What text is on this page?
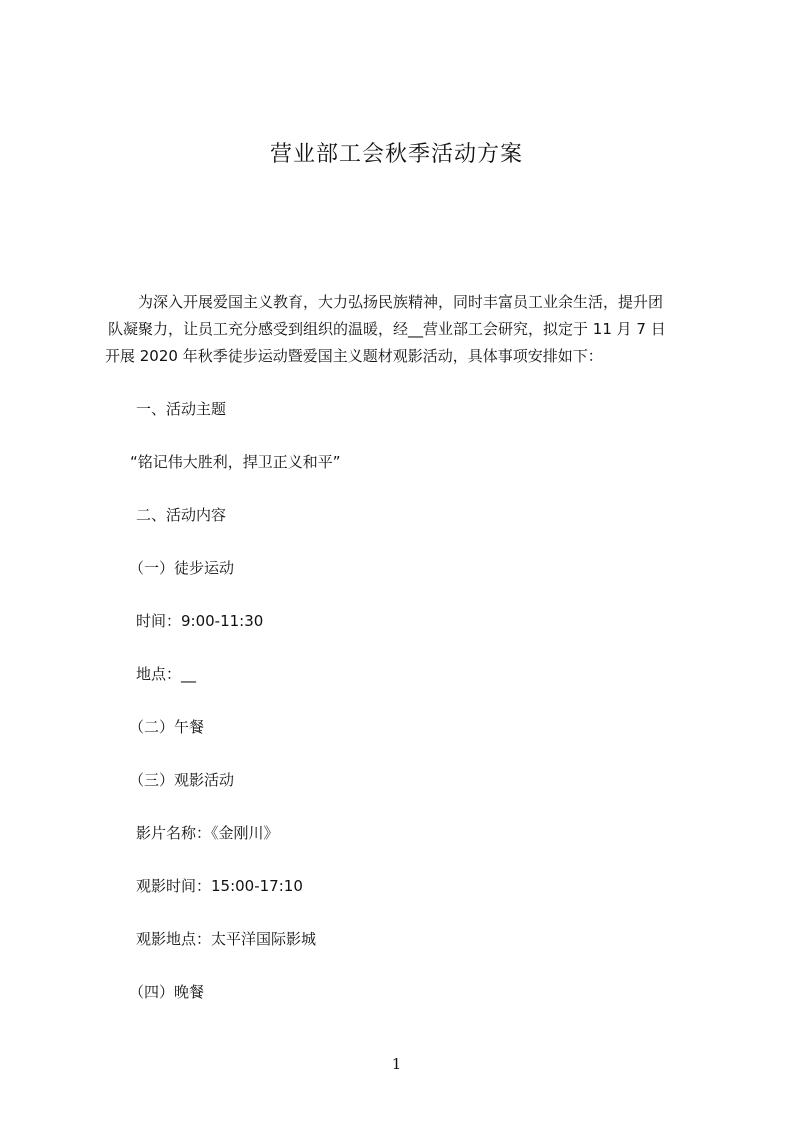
营业部工会秋季活动方案
为深入开展爱国主义教育，大力弘扬民族精神，同时丰富员工业余生活，提升团
队凝聚力，让员工充分感受到组织的温暖，经__营业部工会研究，拟定于 11 月 7 日
开展 2020 年秋季徒步运动暨爱国主义题材观影活动，具体事项安排如下：
一、活动主题
“铭记伟大胜利，捍卫正义和平”
二、活动内容
（一）徒步运动
时间：9:00-11:30
地点：__
（二）午餐
（三）观影活动
影片名称：《金刚川》
观影时间：15:00-17:10
观影地点：太平洋国际影城
（四）晚餐
1
